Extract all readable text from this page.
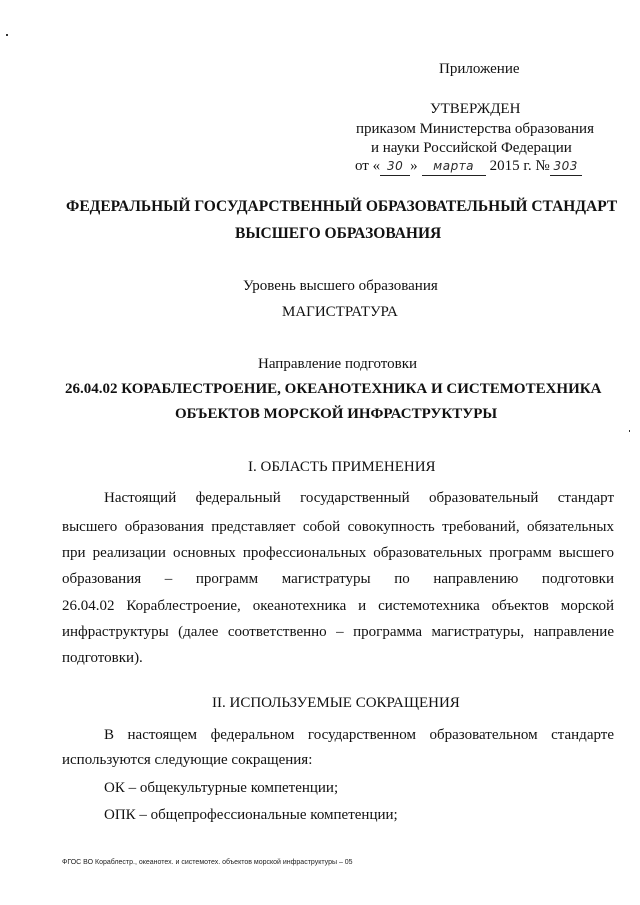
Приложение
УТВЕРЖДЕН
приказом Министерства образования
и науки Российской Федерации
от « 30 » марта 2015 г. № 303
ФЕДЕРАЛЬНЫЙ ГОСУДАРСТВЕННЫЙ ОБРАЗОВАТЕЛЬНЫЙ СТАНДАРТ
ВЫСШЕГО ОБРАЗОВАНИЯ
Уровень высшего образования
МАГИСТРАТУРА
Направление подготовки
26.04.02 КОРАБЛЕСТРОЕНИЕ, ОКЕАНОТЕХНИКА И СИСТЕМОТЕХНИКА
ОБЪЕКТОВ МОРСКОЙ ИНФРАСТРУКТУРЫ
I. ОБЛАСТЬ ПРИМЕНЕНИЯ
Настоящий федеральный государственный образовательный стандарт
высшего образования представляет собой совокупность требований, обязательных
при реализации основных профессиональных образовательных программ высшего
образования – программ магистратуры по направлению подготовки
26.04.02 Кораблестроение, океанотехника и системотехника объектов морской
инфраструктуры (далее соответственно – программа магистратуры, направление
подготовки).
II. ИСПОЛЬЗУЕМЫЕ СОКРАЩЕНИЯ
В настоящем федеральном государственном образовательном стандарте
используются следующие сокращения:
ОК – общекультурные компетенции;
ОПК – общепрофессиональные компетенции;
ФГОС ВО Кораблестр., океанотех. и системотех. объектов морской инфраструктуры – 05
